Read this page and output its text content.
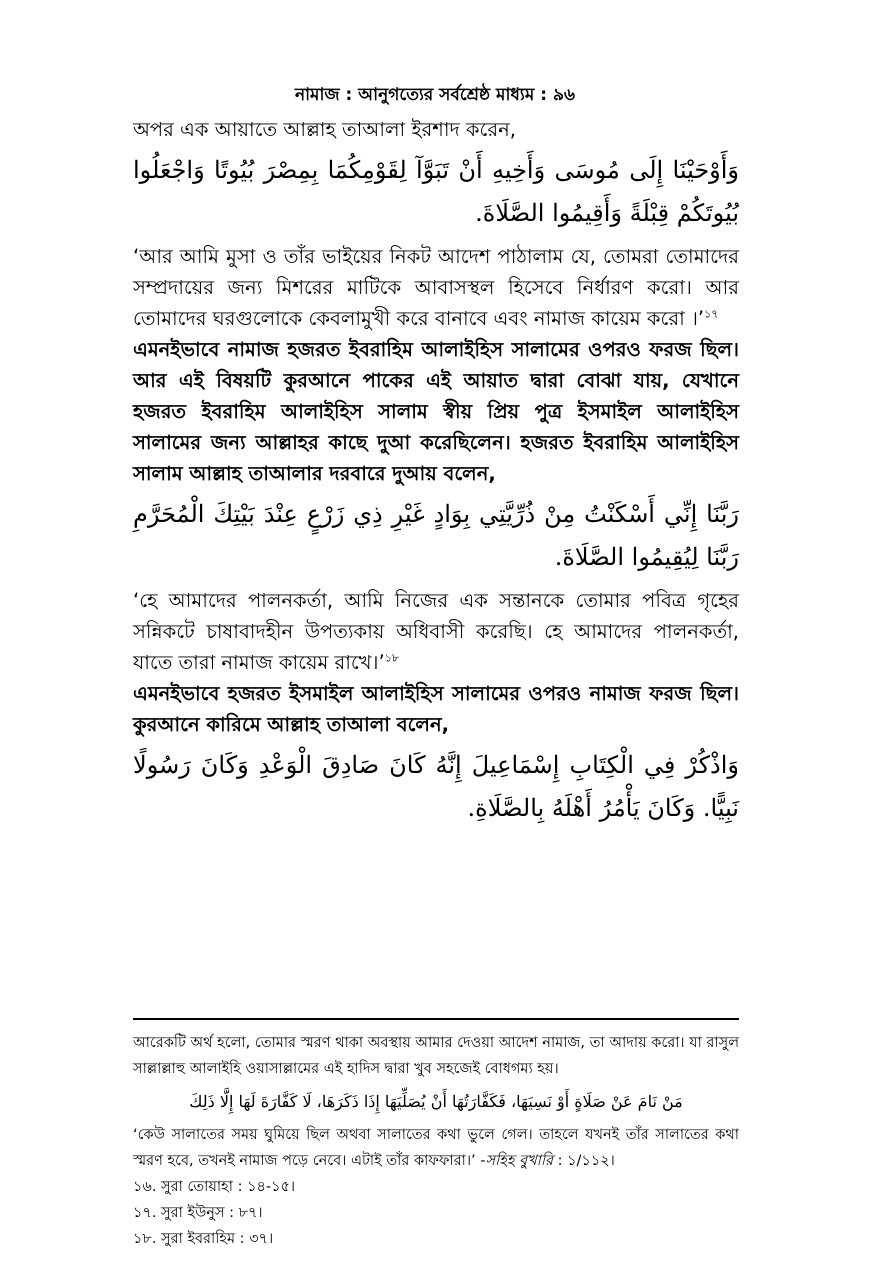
নামাজ : আনুগত্যের সর্বশ্রেষ্ঠ মাধ্যম : ৯৬

অপর এক আয়াতে আল্লাহ তাআলা ইরশাদ করেন,

وَأَوْحَيْنَا إِلَى مُوسَى وَأَخِيهِ أَنْ تَبَوَّآ لِقَوْمِكُمَا بِمِصْرَ بُيُوتًا وَاجْعَلُوا بُيُوتَكُمْ قِبْلَةً وَأَقِيمُوا الصَّلَاةَ.

‘আর আমি মুসা ও তাঁর ভাইয়ের নিকট আদেশ পাঠালাম যে, তোমরা তোমাদের সম্প্রদায়ের জন্য মিশরের মাটিকে আবাসস্থল হিসেবে নির্ধারণ করো। আর তোমাদের ঘরগুলোকে কেবলামুখী করে বানাবে এবং নামাজ কায়েম করো ।’$^{১৭}$

এমনইভাবে নামাজ হজরত ইবরাহিম আলাইহিস সালামের ওপরও ফরজ ছিল। আর এই বিষয়টি কুরআনে পাকের এই আয়াত দ্বারা বোঝা যায়, যেখানে হজরত ইবরাহিম আলাইহিস সালাম স্বীয় প্রিয় পুত্র ইসমাইল আলাইহিস সালামের জন্য আল্লাহর কাছে দুআ করেছিলেন। হজরত ইবরাহিম আলাইহিস সালাম আল্লাহ তাআলার দরবারে দুআয় বলেন,

رَبَّنَا إِنِّي أَسْكَنْتُ مِنْ ذُرِّيَّتِي بِوَادٍ غَيْرِ ذِي زَرْعٍ عِنْدَ بَيْتِكَ الْمُحَرَّمِ رَبَّنَا لِيُقِيمُوا الصَّلَاةَ.

‘হে আমাদের পালনকর্তা, আমি নিজের এক সন্তানকে তোমার পবিত্র গৃহের সন্নিকটে চাষাবাদহীন উপত্যকায় অধিবাসী করেছি। হে আমাদের পালনকর্তা, যাতে তারা নামাজ কায়েম রাখে।’$^{১৮}$

এমনইভাবে হজরত ইসমাইল আলাইহিস সালামের ওপরও নামাজ ফরজ ছিল। কুরআনে কারিমে আল্লাহ তাআলা বলেন,

وَاذْكُرْ فِي الْكِتَابِ إِسْمَاعِيلَ إِنَّهُ كَانَ صَادِقَ الْوَعْدِ وَكَانَ رَسُولًا نَبِيًّا. وَكَانَ يَأْمُرُ أَهْلَهُ بِالصَّلَاةِ.

আরেকটি অর্থ হলো, তোমার স্মরণ থাকা অবস্থায় আমার দেওয়া আদেশ নামাজ, তা আদায় করো। যা রাসুল সাল্লাল্লাহু আলাইহি ওয়াসাল্লামের এই হাদিস দ্বারা খুব সহজেই বোধগম্য হয়।

مَنْ نَامَ عَنْ صَلَاةٍ أَوْ نَسِيَهَا، فَكَفَّارَتُهَا أَنْ يُصَلِّيَهَا إِذَا ذَكَرَهَا، لَا كَفَّارَةَ لَهَا إِلَّا ذَلِكَ

‘কেউ সালাতের সময় ঘুমিয়ে ছিল অথবা সালাতের কথা ভুলে গেল। তাহলে যখনই তাঁর সালাতের কথা স্মরণ হবে, তখনই নামাজ পড়ে নেবে। এটাই তাঁর কাফফারা।’ -সহিহ বুখারি : ১/১১২।

১৬. সুরা তোয়াহা : ১৪-১৫।

১৭. সুরা ইউনুস : ৮৭।

১৮. সুরা ইবরাহিম : ৩৭।
